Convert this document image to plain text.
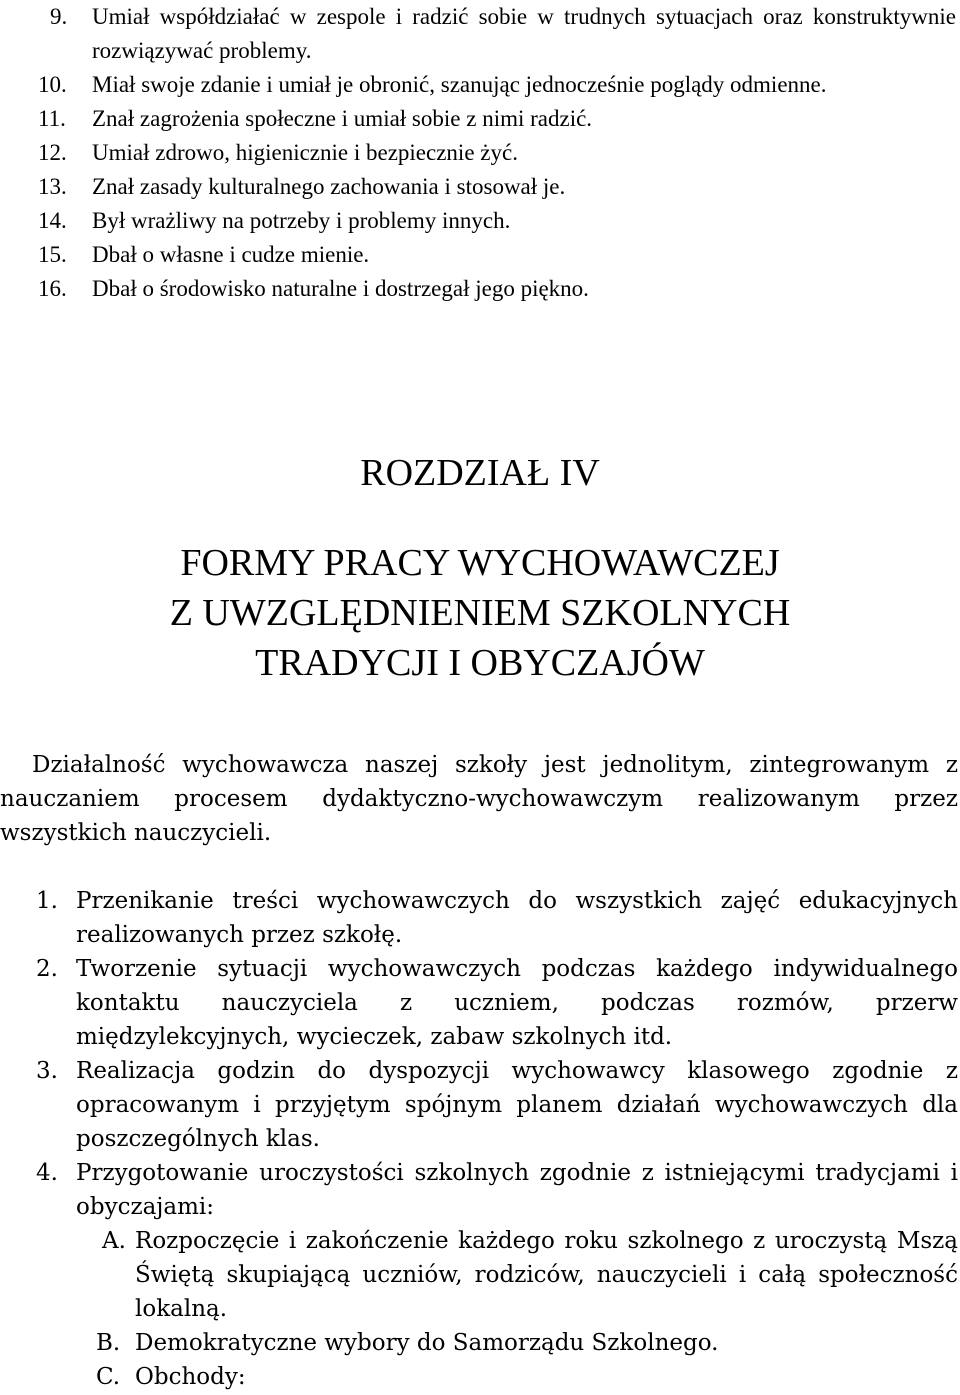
9. Umiał współdziałać w zespole i radzić sobie w trudnych sytuacjach oraz konstruktywnie rozwiązywać problemy.
10. Miał swoje zdanie i umiał je obronić, szanując jednocześnie poglądy odmienne.
11. Znał zagrożenia społeczne i umiał sobie z nimi radzić.
12. Umiał zdrowo, higienicznie i bezpiecznie żyć.
13. Znał zasady kulturalnego zachowania i stosował je.
14. Był wrażliwy na potrzeby i problemy innych.
15. Dbał o własne i cudze mienie.
16. Dbał o środowisko naturalne i dostrzegał jego piękno.
ROZDZIAŁ IV
FORMY PRACY WYCHOWAWCZEJ
Z UWZGLĘDNIENIEM SZKOLNYCH
TRADYCJI I OBYCZAJÓW

Działalność wychowawcza naszej szkoły jest jednolitym, zintegrowanym z nauczaniem procesem dydaktyczno-wychowawczym realizowanym przez wszystkich nauczycieli.

1. Przenikanie treści wychowawczych do wszystkich zajęć edukacyjnych realizowanych przez szkołę.
2. Tworzenie sytuacji wychowawczych podczas każdego indywidualnego kontaktu nauczyciela z uczniem, podczas rozmów, przerw międzylekcyjnych, wycieczek, zabaw szkolnych itd.
3. Realizacja godzin do dyspozycji wychowawcy klasowego zgodnie z opracowanym i przyjętym spójnym planem działań wychowawczych dla poszczególnych klas.
4. Przygotowanie uroczystości szkolnych zgodnie z istniejącymi tradycjami i obyczajami:
A. Rozpoczęcie i zakończenie każdego roku szkolnego z uroczystą Mszą Świętą skupiającą uczniów, rodziców, nauczycieli i całą społeczność lokalną.
B. Demokratyczne wybory do Samorządu Szkolnego.
C. Obchody:
